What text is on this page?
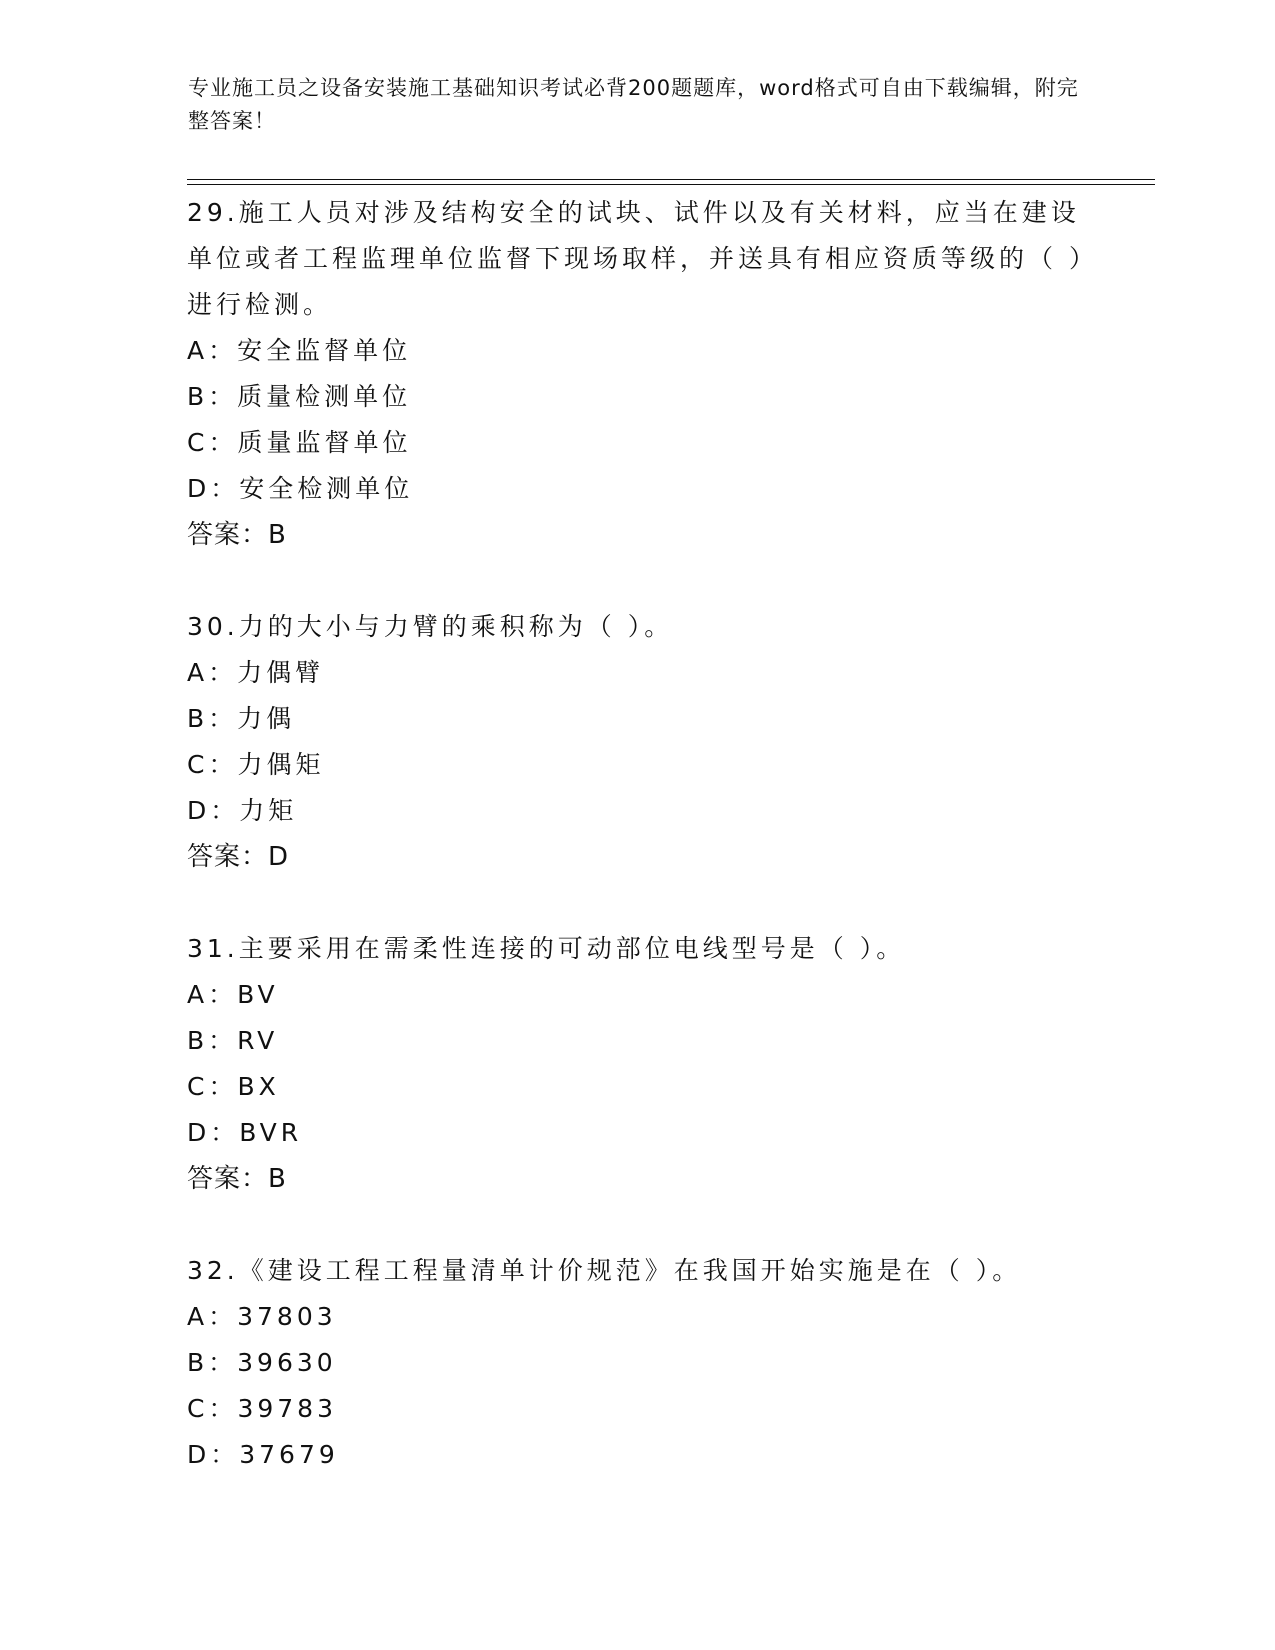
专业施工员之设备安装施工基础知识考试必背200题题库，word格式可自由下载编辑，附完整答案！

29.施工人员对涉及结构安全的试块、试件以及有关材料，应当在建设单位或者工程监理单位监督下现场取样，并送具有相应资质等级的（ ）进行检测。

A：安全监督单位
B：质量检测单位
C：质量监督单位
D：安全检测单位

答案：B

30.力的大小与力臂的乘积称为（ ）。

A：力偶臂
B：力偶
C：力偶矩
D：力矩

答案：D

31.主要采用在需柔性连接的可动部位电线型号是（ ）。

A：BV
B：RV
C：BX
D：BVR

答案：B

32.《建设工程工程量清单计价规范》在我国开始实施是在（ ）。

A：37803
B：39630
C：39783
D：37679
